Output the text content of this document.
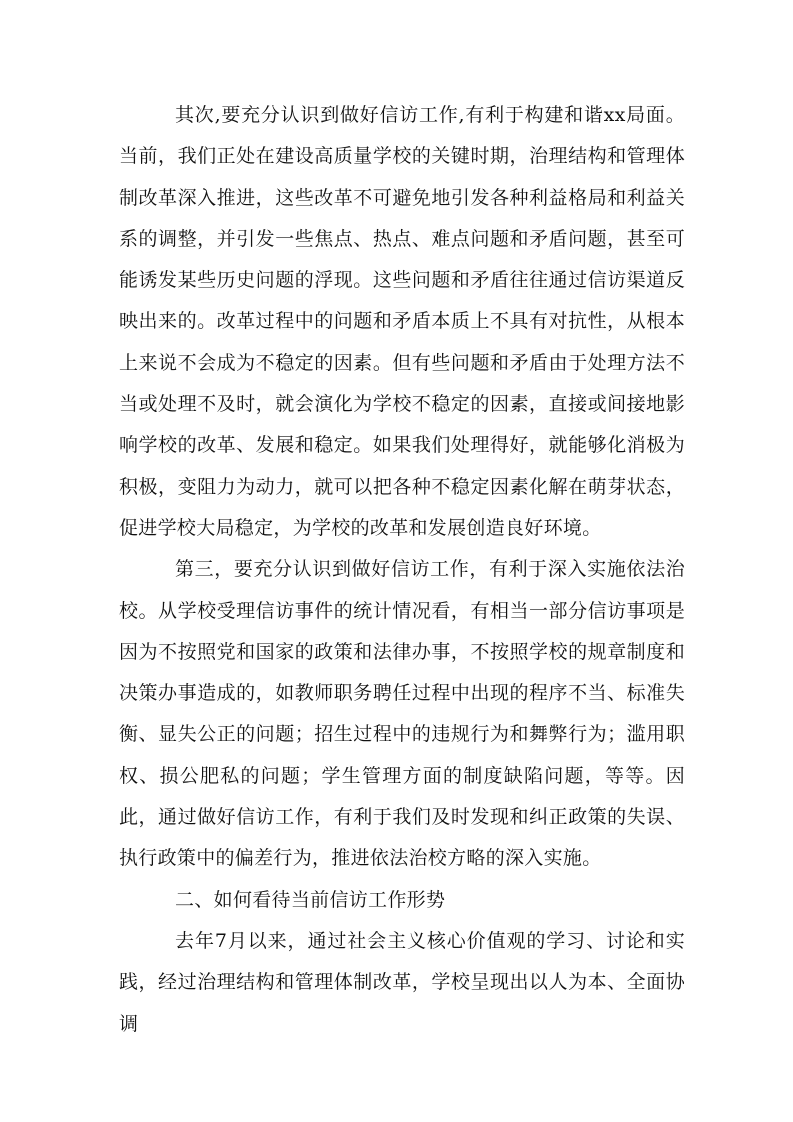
其次,要充分认识到做好信访工作,有利于构建和谐xx局面。当前，我们正处在建设高质量学校的关键时期，治理结构和管理体制改革深入推进，这些改革不可避免地引发各种利益格局和利益关系的调整，并引发一些焦点、热点、难点问题和矛盾问题，甚至可能诱发某些历史问题的浮现。这些问题和矛盾往往通过信访渠道反映出来的。改革过程中的问题和矛盾本质上不具有对抗性，从根本上来说不会成为不稳定的因素。但有些问题和矛盾由于处理方法不当或处理不及时，就会演化为学校不稳定的因素，直接或间接地影响学校的改革、发展和稳定。如果我们处理得好，就能够化消极为积极，变阻力为动力，就可以把各种不稳定因素化解在萌芽状态，促进学校大局稳定，为学校的改革和发展创造良好环境。

第三，要充分认识到做好信访工作，有利于深入实施依法治校。从学校受理信访事件的统计情况看，有相当一部分信访事项是因为不按照党和国家的政策和法律办事，不按照学校的规章制度和决策办事造成的，如教师职务聘任过程中出现的程序不当、标准失衡、显失公正的问题；招生过程中的违规行为和舞弊行为；滥用职权、损公肥私的问题；学生管理方面的制度缺陷问题，等等。因此，通过做好信访工作，有利于我们及时发现和纠正政策的失误、执行政策中的偏差行为，推进依法治校方略的深入实施。

二、如何看待当前信访工作形势

去年7月以来，通过社会主义核心价值观的学习、讨论和实践，经过治理结构和管理体制改革，学校呈现出以人为本、全面协调
